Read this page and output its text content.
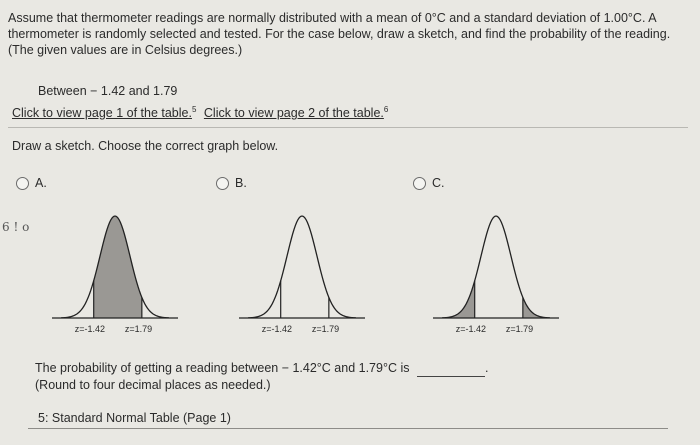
Assume that thermometer readings are normally distributed with a mean of 0°C and a standard deviation of 1.00°C. A thermometer is randomly selected and tested. For the case below, draw a sketch, and find the probability of the reading. (The given values are in Celsius degrees.)
Between − 1.42 and 1.79
Click to view page 1 of the table.$^5$ Click to view page 2 of the table.$^6$
Draw a sketch. Choose the correct graph below.
A.	B.	C.
6 ! o
z=-1.42 z=1.79	z=-1.42 z=1.79	z=-1.42 z=1.79
The probability of getting a reading between − 1.42°C and 1.79°C is	.
(Round to four decimal places as needed.)
5: Standard Normal Table (Page 1)
